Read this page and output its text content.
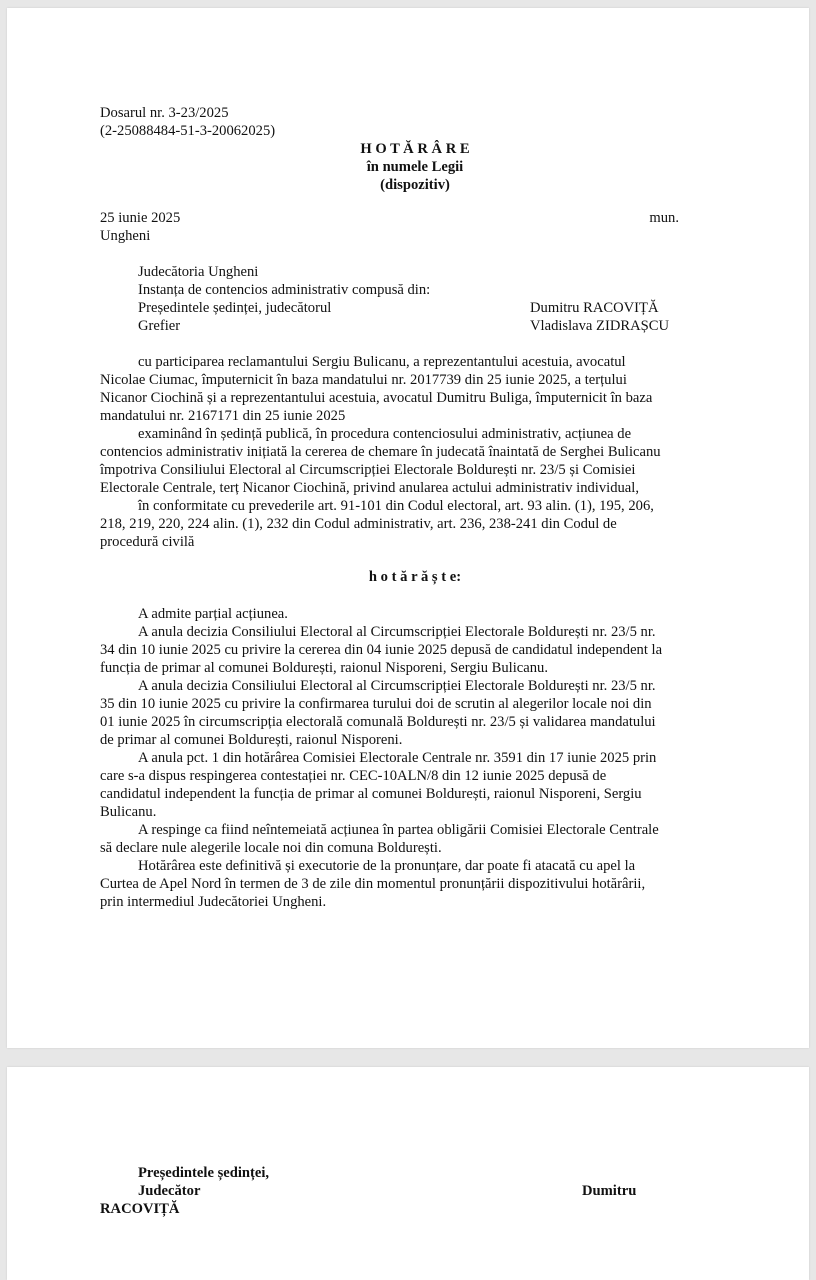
Dosarul nr. 3-23/2025
(2-25088484-51-3-20062025)
H O T Ă R Â R E
în numele Legii
(dispozitiv)
25 iunie 2025	mun.
Ungheni
Judecătoria Ungheni
Instanța de contencios administrativ compusă din:
Președintele ședinței, judecătorul	Dumitru RACOVIȚĂ
Grefier	Vladislava ZIDRAȘCU
cu participarea reclamantului Sergiu Bulicanu, a reprezentantului acestuia, avocatul
Nicolae Ciumac, împuternicit în baza mandatului nr. 2017739 din 25 iunie 2025, a terțului
Nicanor Ciochină și a reprezentantului acestuia, avocatul Dumitru Buliga, împuternicit în baza
mandatului nr. 2167171 din 25 iunie 2025
examinând în ședință publică, în procedura contenciosului administrativ, acțiunea de
contencios administrativ inițiată la cererea de chemare în judecată înaintată de Serghei Bulicanu
împotriva Consiliului Electoral al Circumscripției Electorale Boldurești nr. 23/5 și Comisiei
Electorale Centrale, terț Nicanor Ciochină, privind anularea actului administrativ individual,
în conformitate cu prevederile art. 91-101 din Codul electoral, art. 93 alin. (1), 195, 206,
218, 219, 220, 224 alin. (1), 232 din Codul administrativ, art. 236, 238-241 din Codul de
procedură civilă
h o t ă r ă ș t e:
A admite parțial acțiunea.
A anula decizia Consiliului Electoral al Circumscripției Electorale Boldurești nr. 23/5 nr.
34 din 10 iunie 2025 cu privire la cererea din 04 iunie 2025 depusă de candidatul independent la
funcția de primar al comunei Boldurești, raionul Nisporeni, Sergiu Bulicanu.
A anula decizia Consiliului Electoral al Circumscripției Electorale Boldurești nr. 23/5 nr.
35 din 10 iunie 2025 cu privire la confirmarea turului doi de scrutin al alegerilor locale noi din
01 iunie 2025 în circumscripția electorală comunală Boldurești nr. 23/5 și validarea mandatului
de primar al comunei Boldurești, raionul Nisporeni.
A anula pct. 1 din hotărârea Comisiei Electorale Centrale nr. 3591 din 17 iunie 2025 prin
care s-a dispus respingerea contestației nr. CEC-10ALN/8 din 12 iunie 2025 depusă de
candidatul independent la funcția de primar al comunei Boldurești, raionul Nisporeni, Sergiu
Bulicanu.
A respinge ca fiind neîntemeiată acțiunea în partea obligării Comisiei Electorale Centrale
să declare nule alegerile locale noi din comuna Boldurești.
Hotărârea este definitivă și executorie de la pronunțare, dar poate fi atacată cu apel la
Curtea de Apel Nord în termen de 3 de zile din momentul pronunțării dispozitivului hotărârii,
prin intermediul Judecătoriei Ungheni.
Președintele ședinței,
Judecător	Dumitru
RACOVIȚĂ
